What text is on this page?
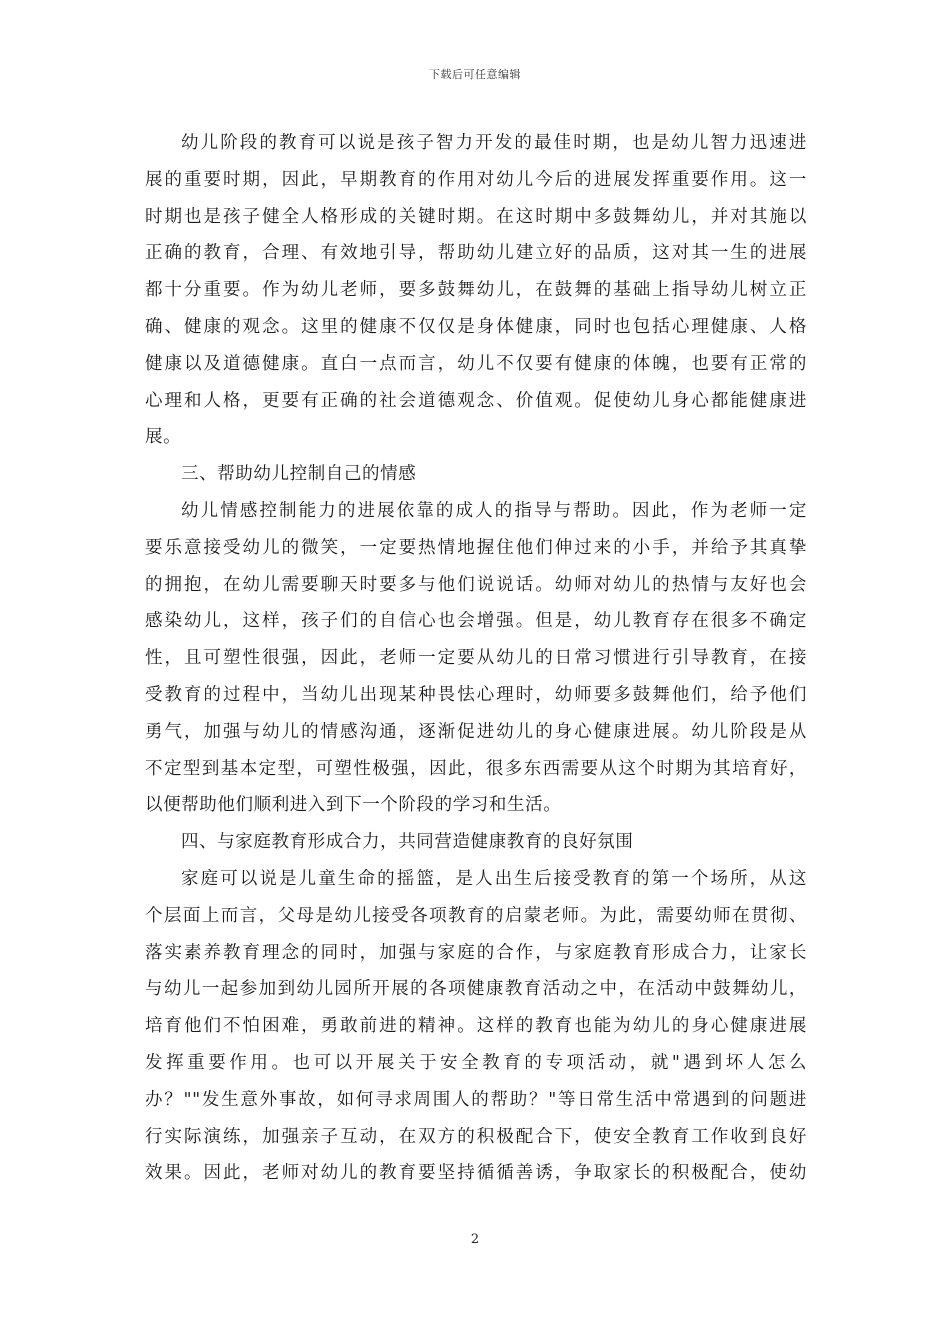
下载后可任意编辑
幼儿阶段的教育可以说是孩子智力开发的最佳时期，也是幼儿智力迅速进
展的重要时期，因此，早期教育的作用对幼儿今后的进展发挥重要作用。这一
时期也是孩子健全人格形成的关键时期。在这时期中多鼓舞幼儿，并对其施以
正确的教育，合理、有效地引导，帮助幼儿建立好的品质，这对其一生的进展
都十分重要。作为幼儿老师，要多鼓舞幼儿，在鼓舞的基础上指导幼儿树立正
确、健康的观念。这里的健康不仅仅是身体健康，同时也包括心理健康、人格
健康以及道德健康。直白一点而言，幼儿不仅要有健康的体魄，也要有正常的
心理和人格，更要有正确的社会道德观念、价值观。促使幼儿身心都能健康进
展。
三、帮助幼儿控制自己的情感
幼儿情感控制能力的进展依靠的成人的指导与帮助。因此，作为老师一定
要乐意接受幼儿的微笑，一定要热情地握住他们伸过来的小手，并给予其真挚
的拥抱，在幼儿需要聊天时要多与他们说说话。幼师对幼儿的热情与友好也会
感染幼儿，这样，孩子们的自信心也会增强。但是，幼儿教育存在很多不确定
性，且可塑性很强，因此，老师一定要从幼儿的日常习惯进行引导教育，在接
受教育的过程中，当幼儿出现某种畏怯心理时，幼师要多鼓舞他们，给予他们
勇气，加强与幼儿的情感沟通，逐渐促进幼儿的身心健康进展。幼儿阶段是从
不定型到基本定型，可塑性极强，因此，很多东西需要从这个时期为其培育好，
以便帮助他们顺利进入到下一个阶段的学习和生活。
四、与家庭教育形成合力，共同营造健康教育的良好氛围
家庭可以说是儿童生命的摇篮，是人出生后接受教育的第一个场所，从这
个层面上而言，父母是幼儿接受各项教育的启蒙老师。为此，需要幼师在贯彻、
落实素养教育理念的同时，加强与家庭的合作，与家庭教育形成合力，让家长
与幼儿一起参加到幼儿园所开展的各项健康教育活动之中，在活动中鼓舞幼儿，
培育他们不怕困难，勇敢前进的精神。这样的教育也能为幼儿的身心健康进展
发挥重要作用。也可以开展关于安全教育的专项活动，就"遇到坏人怎么
办？""发生意外事故，如何寻求周围人的帮助？"等日常生活中常遇到的问题进
行实际演练，加强亲子互动，在双方的积极配合下，使安全教育工作收到良好
效果。因此，老师对幼儿的教育要坚持循循善诱，争取家长的积极配合，使幼
2
